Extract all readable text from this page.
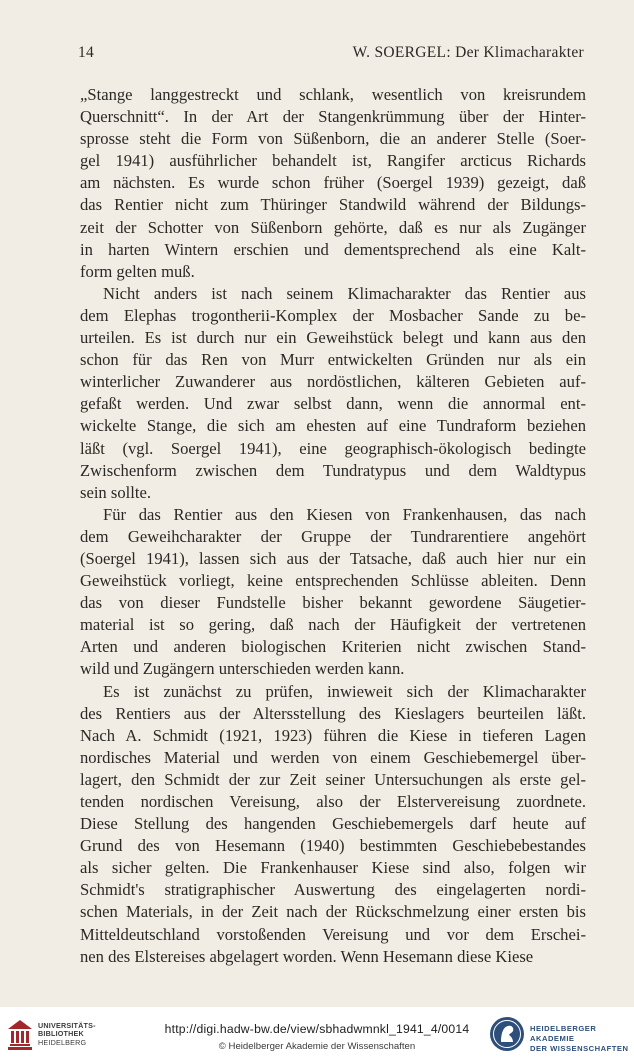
14	W. SOERGEL: Der Klimacharakter
„Stange langgestreckt und schlank, wesentlich von kreisrundem
Querschnitt“. In der Art der Stangenkrümmung über der Hinter-
sprosse steht die Form von Süßenborn, die an anderer Stelle (Soer-
gel 1941) ausführlicher behandelt ist, Rangifer arcticus Richards
am nächsten. Es wurde schon früher (Soergel 1939) gezeigt, daß
das Rentier nicht zum Thüringer Standwild während der Bildungs-
zeit der Schotter von Süßenborn gehörte, daß es nur als Zugänger
in harten Wintern erschien und dementsprechend als eine Kalt-
form gelten muß.
Nicht anders ist nach seinem Klimacharakter das Rentier aus
dem Elephas trogontherii-Komplex der Mosbacher Sande zu be-
urteilen. Es ist durch nur ein Geweihstück belegt und kann aus den
schon für das Ren von Murr entwickelten Gründen nur als ein
winterlicher Zuwanderer aus nordöstlichen, kälteren Gebieten auf-
gefaßt werden. Und zwar selbst dann, wenn die annormal ent-
wickelte Stange, die sich am ehesten auf eine Tundraform beziehen
läßt (vgl. Soergel 1941), eine geographisch-ökologisch bedingte
Zwischenform zwischen dem Tundratypus und dem Waldtypus
sein sollte.
Für das Rentier aus den Kiesen von Frankenhausen, das nach
dem Geweihcharakter der Gruppe der Tundrarentiere angehört
(Soergel 1941), lassen sich aus der Tatsache, daß auch hier nur ein
Geweihstück vorliegt, keine entsprechenden Schlüsse ableiten. Denn
das von dieser Fundstelle bisher bekannt gewordene Säugetier-
material ist so gering, daß nach der Häufigkeit der vertretenen
Arten und anderen biologischen Kriterien nicht zwischen Stand-
wild und Zugängern unterschieden werden kann.
Es ist zunächst zu prüfen, inwieweit sich der Klimacharakter
des Rentiers aus der Altersstellung des Kieslagers beurteilen läßt.
Nach A. Schmidt (1921, 1923) führen die Kiese in tieferen Lagen
nordisches Material und werden von einem Geschiebemergel über-
lagert, den Schmidt der zur Zeit seiner Untersuchungen als erste gel-
tenden nordischen Vereisung, also der Elstervereisung zuordnete.
Diese Stellung des hangenden Geschiebemergels darf heute auf
Grund des von Hesemann (1940) bestimmten Geschiebebestandes
als sicher gelten. Die Frankenhauser Kiese sind also, folgen wir
Schmidt's stratigraphischer Auswertung des eingelagerten nordi-
schen Materials, in der Zeit nach der Rückschmelzung einer ersten bis
Mitteldeutschland vorstoßenden Vereisung und vor dem Erschei-
nen des Elstereises abgelagert worden. Wenn Hesemann diese Kiese
UNIVERSITÄTS-
BIBLIOTHEK
HEIDELBERG
http://digi.hadw-bw.de/view/sbhadwmnkl_1941_4/0014
© Heidelberger Akademie der Wissenschaften
HEIDELBERGER AKADEMIE
DER WISSENSCHAFTEN
